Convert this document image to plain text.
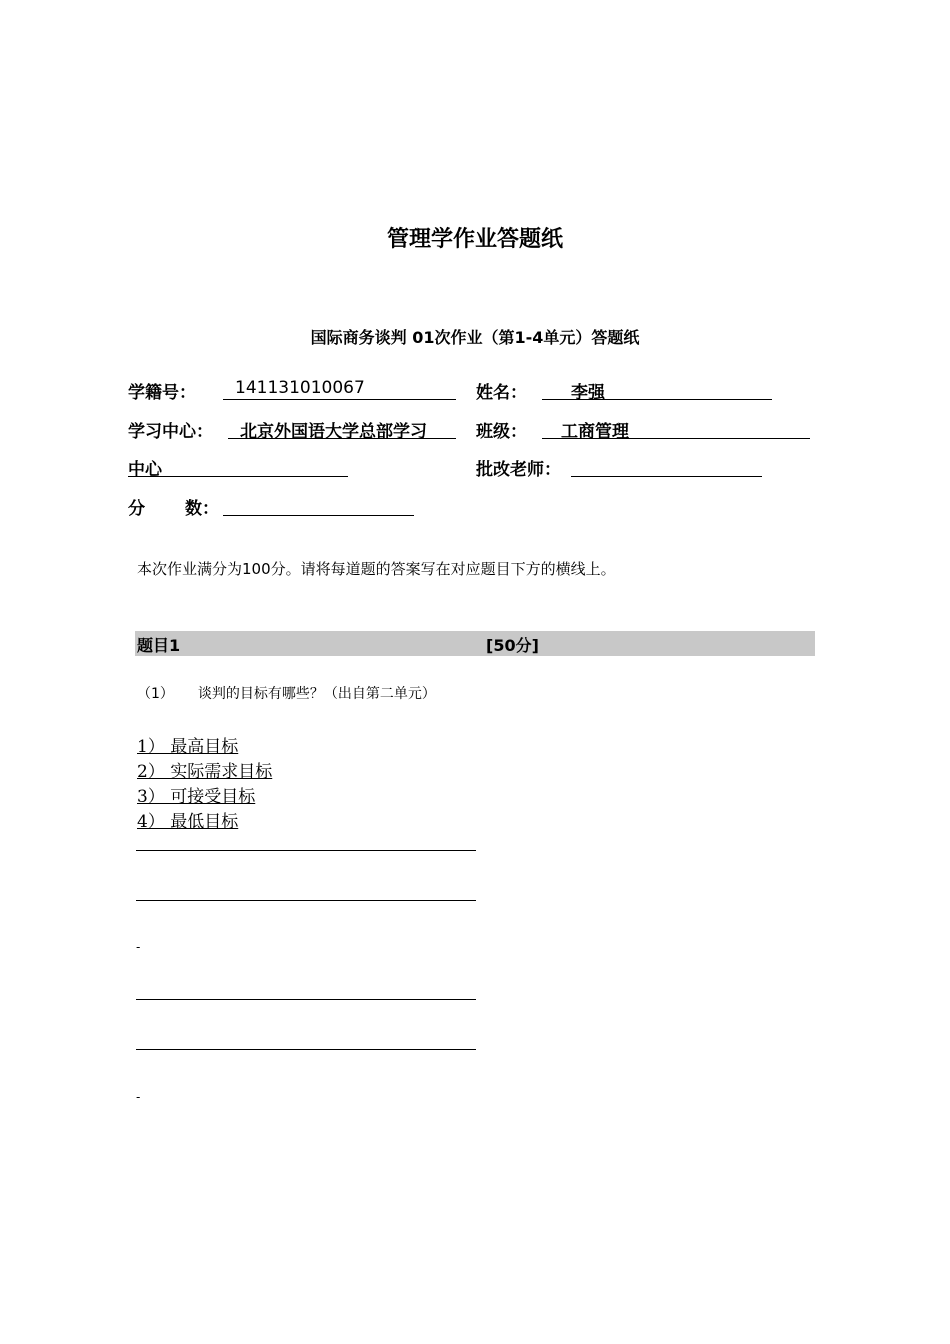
管理学作业答题纸
国际商务谈判 01次作业（第1-4单元）答题纸
学籍号：	141131010067	姓名：	李强
学习中心：	北京外国语大学总部学习	班级：	工商管理
中心	批改老师：
分 数：
本次作业满分为100分。请将每道题的答案写在对应题目下方的横线上。
题目1	[50分]
（1） 谈判的目标有哪些？（出自第二单元）
1） 最高目标
2） 实际需求目标
3） 可接受目标
4） 最低目标
-
-
